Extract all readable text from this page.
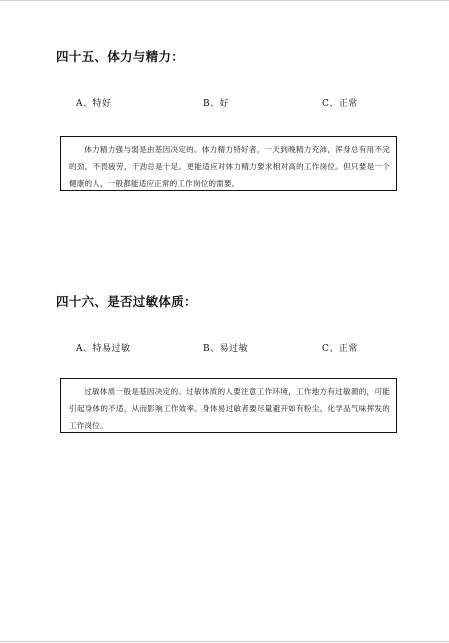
四十五、体力与精力：
A、特好	B、好	C、正常
体力精力强与弱是由基因决定的。体力精力特好者，一天到晚精力充沛，浑身总有用不完的劲，不畏疲劳，干劲总是十足。更能适应对体力精力要求相对高的工作岗位。但只要是一个健康的人，一般都能适应正常的工作岗位的需要。
四十六、是否过敏体质：
A、特易过敏	B、易过敏	C、正常
过敏体质一般是基因决定的。过敏体质的人要注意工作环境，工作地方有过敏源的，可能引起身体的不适，从而影响工作效率。身体易过敏者要尽量避开如有粉尘、化学品气味挥发的工作岗位。
